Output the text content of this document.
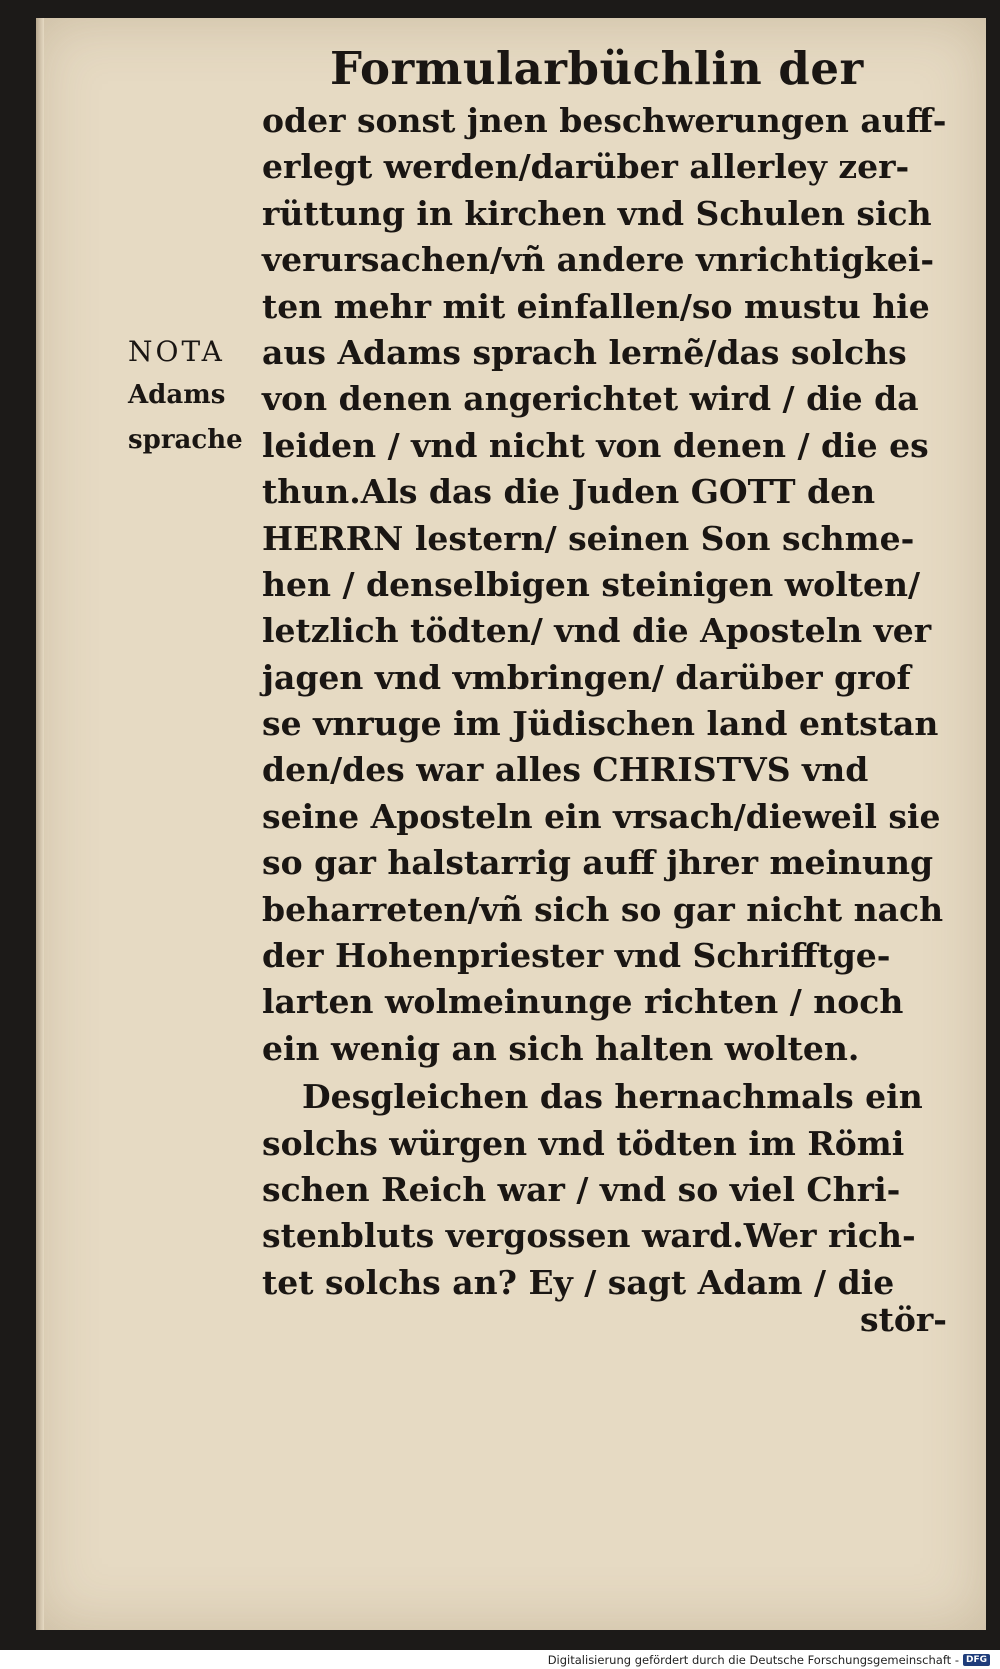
Formularbüchlin der
NOTA
Adams
sprache
oder sonst jnen beschwerungen auff-
erlegt werden/darüber allerley zer-
rüttung in kirchen vnd Schulen sich
verursachen/vñ andere vnrichtigkei-
ten mehr mit einfallen/so mustu hie
aus Adams sprach lernẽ/das solchs
von denen angerichtet wird / die da
leiden / vnd nicht von denen / die es
thun.Als das die Juden GOTT den
HERRN lestern/ seinen Son schme-
hen / denselbigen steinigen wolten/
letzlich tödten/ vnd die Aposteln ver
jagen vnd vmbringen/ darüber grof
se vnruge im Jüdischen land entstan
den/des war alles CHRISTVS vnd
seine Aposteln ein vrsach/dieweil sie
so gar halstarrig auff jhrer meinung
beharreten/vñ sich so gar nicht nach
der Hohenpriester vnd Schrifftge-
larten wolmeinunge richten / noch
ein wenig an sich halten wolten.
Desgleichen das hernachmals ein
solchs würgen vnd tödten im Römi
schen Reich war / vnd so viel Chri-
stenbluts vergossen ward.Wer rich-
tet solchs an? Ey / sagt Adam / die
stör-
Digitalisierung gefördert durch die Deutsche Forschungsgemeinschaft - DFG
